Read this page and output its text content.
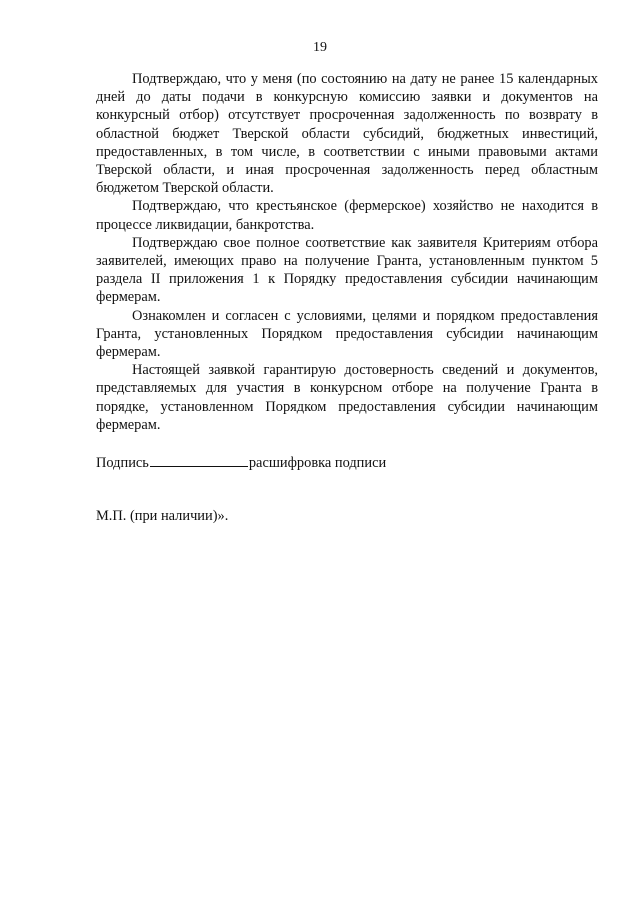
19

Подтверждаю, что у меня (по состоянию на дату не ранее 15 календарных дней до даты подачи в конкурсную комиссию заявки и документов на конкурсный отбор) отсутствует просроченная задолженность по возврату в областной бюджет Тверской области субсидий, бюджетных инвестиций, предоставленных, в том числе, в соответствии с иными правовыми актами Тверской области, и иная просроченная задолженность перед областным бюджетом Тверской области.

Подтверждаю, что крестьянское (фермерское) хозяйство не находится в процессе ликвидации, банкротства.

Подтверждаю свое полное соответствие как заявителя Критериям отбора заявителей, имеющих право на получение Гранта, установленным пунктом 5 раздела II приложения 1 к Порядку предоставления субсидии начинающим фермерам.

Ознакомлен и согласен с условиями, целями и порядком предоставления Гранта, установленных Порядком предоставления субсидии начинающим фермерам.

Настоящей заявкой гарантирую достоверность сведений и документов, представляемых для участия в конкурсном отборе на получение Гранта в порядке, установленном Порядком предоставления субсидии начинающим фермерам.

Подпись	расшифровка подписи
М.П. (при наличии)».
